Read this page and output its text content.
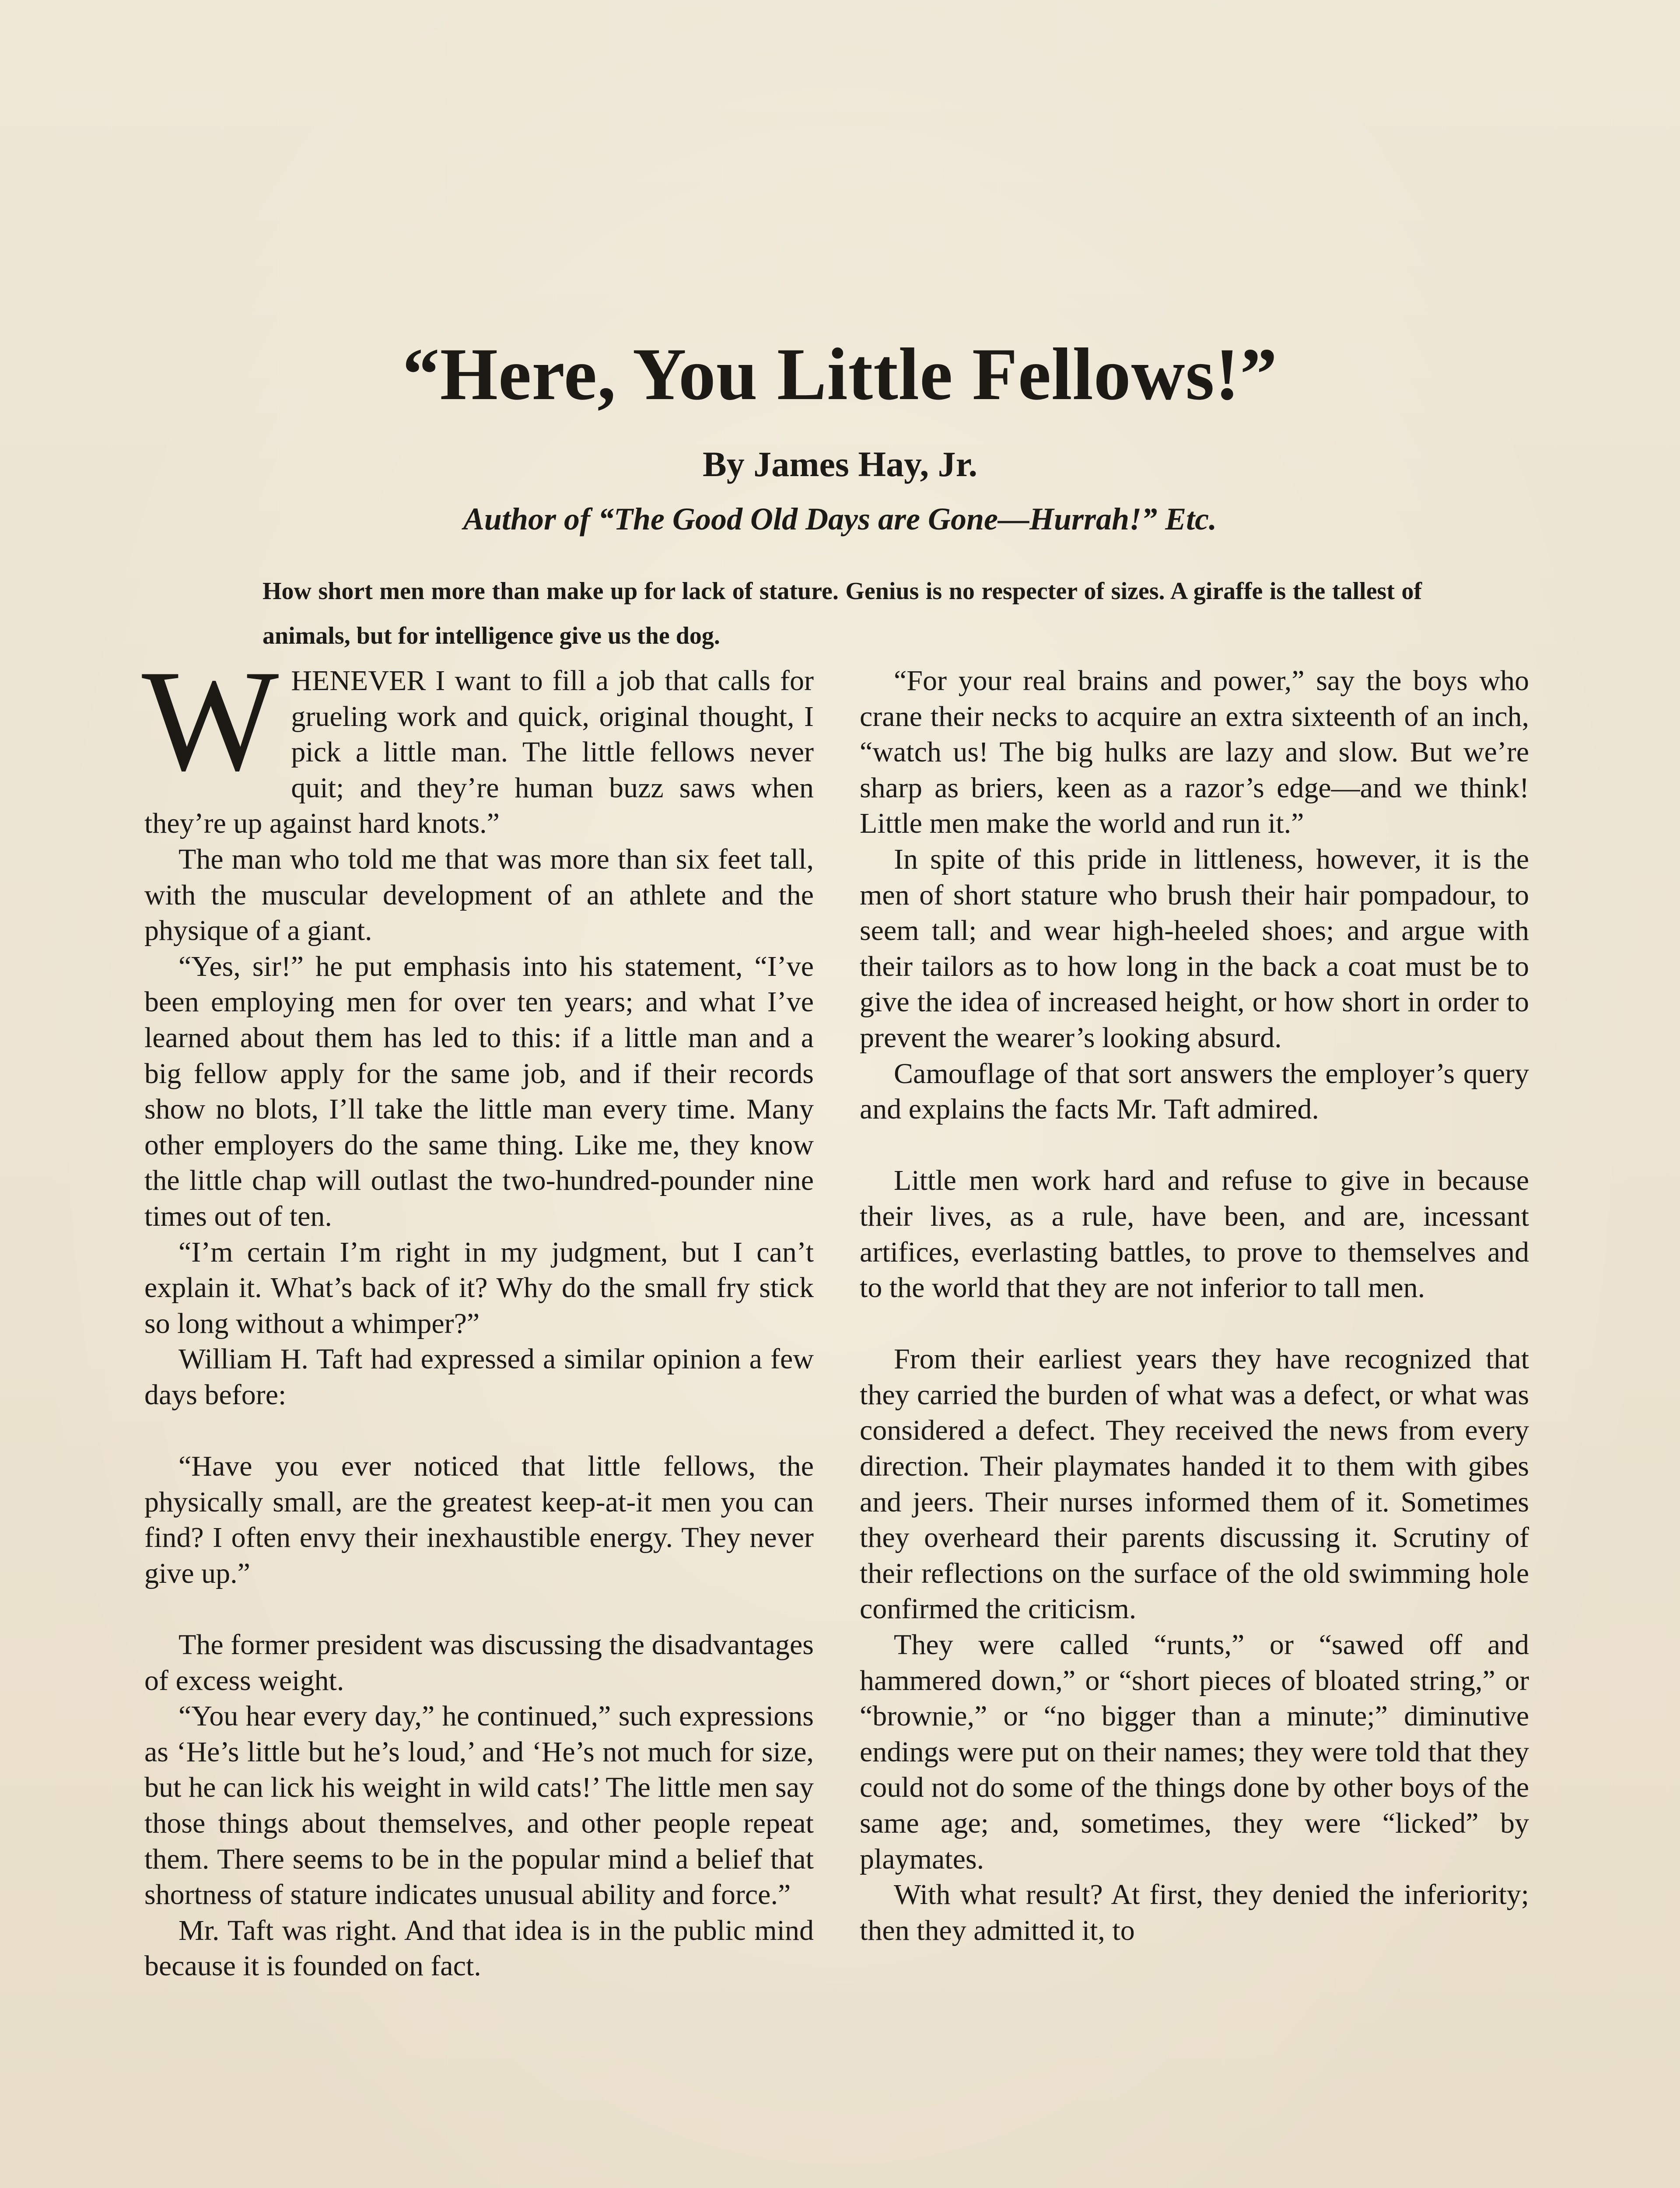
“Here, You Little Fellows!”
By James Hay, Jr.
Author of “The Good Old Days are Gone—Hurrah!” Etc.
How short men more than make up for lack of stature. Genius is no respecter of sizes. A giraffe is the tallest of animals, but for intelligence give us the dog.

WHENEVER I want to fill a job that calls for grueling work and quick, original thought, I pick a little man. The little fellows never quit; and they’re human buzz saws when they’re up against hard knots.”

The man who told me that was more than six feet tall, with the muscular development of an athlete and the physique of a giant.

“Yes, sir!” he put emphasis into his statement, “I’ve been employing men for over ten years; and what I’ve learned about them has led to this: if a little man and a big fellow apply for the same job, and if their records show no blots, I’ll take the little man every time. Many other employers do the same thing. Like me, they know the little chap will outlast the two-hundred-pounder nine times out of ten.

“I’m certain I’m right in my judgment, but I can’t explain it. What’s back of it? Why do the small fry stick so long without a whimper?”

William H. Taft had expressed a similar opinion a few days before:

“Have you ever noticed that little fellows, the physically small, are the greatest keep-at-it men you can find? I often envy their inexhaustible energy. They never give up.”

The former president was discussing the disadvantages of excess weight.

“You hear every day,” he continued,” such expressions as ‘He’s little but he’s loud,’ and ‘He’s not much for size, but he can lick his weight in wild cats!’ The little men say those things about themselves, and other people repeat them. There seems to be in the popular mind a belief that shortness of stature indicates unusual ability and force.”

Mr. Taft was right. And that idea is in the public mind because it is founded on fact.

“For your real brains and power,” say the boys who crane their necks to acquire an extra sixteenth of an inch, “watch us! The big hulks are lazy and slow. But we’re sharp as briers, keen as a razor’s edge—and we think! Little men make the world and run it.”

In spite of this pride in littleness, however, it is the men of short stature who brush their hair pompadour, to seem tall; and wear high-heeled shoes; and argue with their tailors as to how long in the back a coat must be to give the idea of increased height, or how short in order to prevent the wearer’s looking absurd.

Camouflage of that sort answers the employer’s query and explains the facts Mr. Taft admired.

Little men work hard and refuse to give in because their lives, as a rule, have been, and are, incessant artifices, everlasting battles, to prove to themselves and to the world that they are not inferior to tall men.

From their earliest years they have recognized that they carried the burden of what was a defect, or what was considered a defect. They received the news from every direction. Their playmates handed it to them with gibes and jeers. Their nurses informed them of it. Sometimes they overheard their parents discussing it. Scrutiny of their reflections on the surface of the old swimming hole confirmed the criticism.

They were called “runts,” or “sawed off and hammered down,” or “short pieces of bloated string,” or “brownie,” or “no bigger than a minute;” diminutive endings were put on their names; they were told that they could not do some of the things done by other boys of the same age; and, sometimes, they were “licked” by playmates.

With what result? At first, they denied the inferiority; then they admitted it, to
